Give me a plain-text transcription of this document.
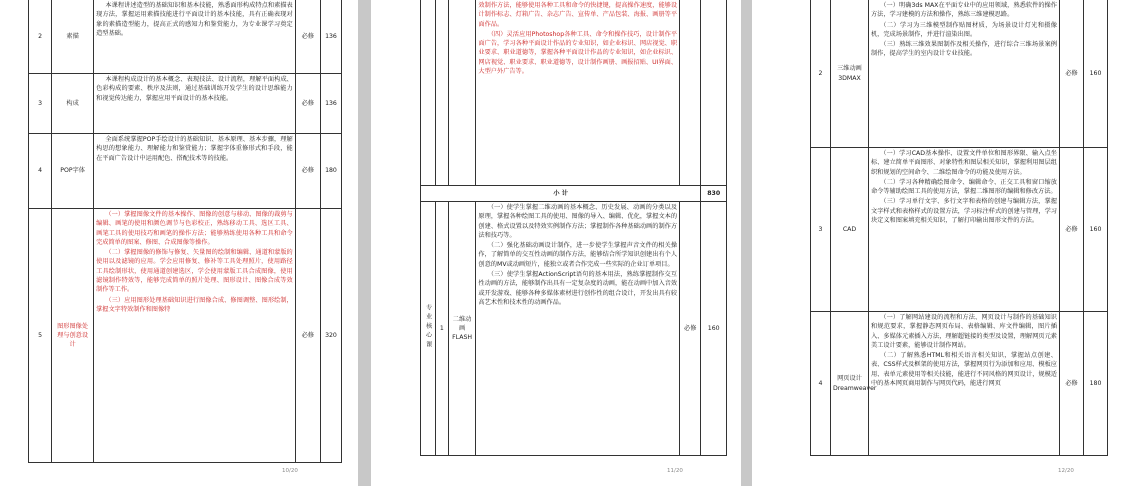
2	素描	本课程讲述造型的基础知识和基本技能，熟悉面形构成特点和素描表现方法，掌握运用素描技能进行平面设计的基本技能，具有正确表现对象的素描造型能力，提高正式的感知力和鉴赏能力，为专业课学习奠定造型基础。	必修	136
3	构成	本课程构成设计的基本概念、表现技法、设计流程，理解平面构成、色彩构成的要素、秩序及法则，通过基础训练开发学生的设计思维能力和视觉传达能力，掌握应用平面设计的基本技能。	必修	136
4	POP字体	全面系统掌握POP手绘设计的基础知识、基本原理、基本步骤，理解构思的想象能力、理解能力和鉴赏能力；掌握字体重修形式和手段，能在平面广告设计中运用配色、搭配技术等的技能。	必修	180
5	图形图像处理与创意设计	（一）掌握图像文件的基本操作、图像的创意与移动、图像的裁剪与编辑、画笔的使用和颜色调节与色彩校正，熟练移动工具、选区工具、画笔工具的使用技巧和画笔的操作方法；能够熟练使用各种工具和命令完成简单的图案、修图、合成图像等操作。

（二）掌握图像的修饰与修复、矢量图的绘制和编辑、通道和蒙版的使用以及滤镜的应用。学会应用修复、修补等工具处理照片，使用路径工具绘制形状，使用通道创建选区，学会使用蒙版工具合成图像，使用滤镜制作特效等，能够完成简单的照片处理、图形设计、图像合成等效制作等工作。

（三）应用图形处理基础知识进行图像合成、修图调整、图形绘制，掌握文字特效制作和图像特	必修	320
10/20

			效制作方法，能够使用各种工具和命令的快捷键，提高操作速度，能够设计制作标志、灯箱广告、杂志广告、宣传单、产品包装、海报、画册等平面作品。

（四）灵活应用Photoshop各种工具、命令和操作技巧，设计制作平面广告，学习各种平面设计作品的专业知识，如企业标识、网店视觉、职业要求、职业道德等，掌握各种平面设计作品的专业知识，如企业标识、网店视觉、职业要求、职业道德等，设计制作画册、画报招贴、UI界面、大型户外广告等。		

小 计					830
专业核心课	1	二维动画FLASH	（一）使学生掌握二维动画的基本概念、历史发展、动画的分类以及原理，掌握各种绘图工具的使用、图像的导入、编辑、优化，掌握文本的创建、格式设置以及特效实例制作方法；掌握制作各种基础动画的制作方法和技巧等。

（二）强化基础动画设计制作，进一步使学生掌握声音文件的相关操作，了解简单的交互性动画的制作方法，能够结合所学知识创建出有个人创意的MV或动画短片，能独立或者合作完成一些实际的企业订单项目。

（三）使学生掌握ActionScript语句的基本用法，熟练掌握制作交互性动画的方法，能够制作出具有一定复杂度的动画，能在动画中加入音效或开发游戏、能够各种多媒体素材进行创作性的组合设计，开发出具有较高艺术性和技术性的动画作品。	必修	160
11/20
2	三维动画3DMAX	（一）明确3ds MAX在平面专业中的应用领域，熟悉软件的操作方法，学习建模的方法和操作，熟练三维建模思路。

（二）学习为三维模型制作贴图材质，为场景设计灯光和摄像机，完成场景制作，并进行渲染出图。

（三）熟练三维效果图制作及相关操作，进行综合三维场景案例制作，提高学生的室内设计专业技能。	必修	160
3	CAD	（一）学习CAD基本操作、设置文件单位和图形界限、输入点坐标、建立简单平面图形、对象特性和图层相关知识，掌握利用图层组织和规划的空间命令、二维绘图命令的功能及使用方法。

（二）学习各种精确绘图命令、编辑命令、正交工具和窗口缩放命令等辅助绘图工具的使用方法，掌握二维图形的编辑和修改方法。

（三）学习单行文字、多行文字和表格的创建与编辑方法，掌握文字样式和表格样式的设置方法，学习标注样式的创建与管理，学习块定义和图案填充相关知识，了解打印输出图形文件的方法。	必修	160
4	网页设计Dreamweaver	（一）了解网站建设的流程和方法、网页设计与制作的基础知识和规范要求，掌握静态网页布局、表格编辑、库文件编辑，图片插入、多媒体元素插入方法，理解超链接的类型及设置，理解网页元素美工设计要素，能够设计制作网站。

（二）了解熟悉HTML和相关语言相关知识，掌握站点创建、表、CSS样式及框架的使用方法，掌握网页行为添加和应用、模板应用、表单元素使用等相关技能，能进行不同风格的网页设计，规模适中的基本网页商用制作与网页代码，能进行网页	必修	180
12/20
